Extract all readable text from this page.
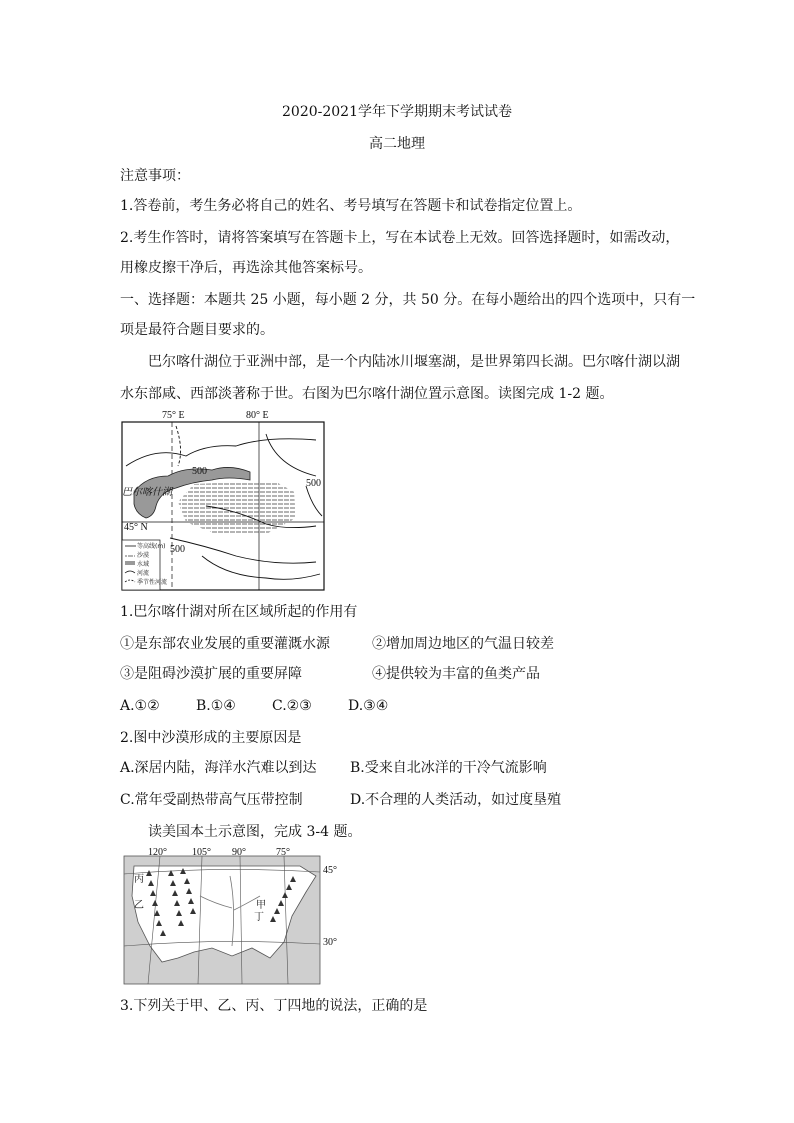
2020-2021学年下学期期末考试试卷
高二地理
注意事项：
1.答卷前，考生务必将自己的姓名、考号填写在答题卡和试卷指定位置上。
2.考生作答时，请将答案填写在答题卡上，写在本试卷上无效。回答选择题时，如需改动，
用橡皮擦干净后，再选涂其他答案标号。
一、选择题：本题共 25 小题，每小题 2 分，共 50 分。在每小题给出的四个选项中，只有一
项是最符合题目要求的。
巴尔喀什湖位于亚洲中部，是一个内陆冰川堰塞湖，是世界第四长湖。巴尔喀什湖以湖
水东部咸、西部淡著称于世。右图为巴尔喀什湖位置示意图。读图完成 1-2 题。
75° E	80° E
500
500
500
巴尔喀什湖
45° N
等高线(m)
沙漠
水域
河流
季节性河流
1.巴尔喀什湖对所在区域所起的作用有
①是东部农业发展的重要灌溉水源	②增加周边地区的气温日较差
③是阻碍沙漠扩展的重要屏障	④提供较为丰富的鱼类产品
A.①②	B.①④	C.②③	D.③④
2.图中沙漠形成的主要原因是
A.深居内陆，海洋水汽难以到达 B.受来自北冰洋的干冷气流影响
C.常年受副热带高气压带控制	D.不合理的人类活动，如过度垦殖
读美国本土示意图，完成 3-4 题。
120°	105° 90°	75°
45°
30°
丙
乙	甲
丁
3.下列关于甲、乙、丙、丁四地的说法，正确的是
